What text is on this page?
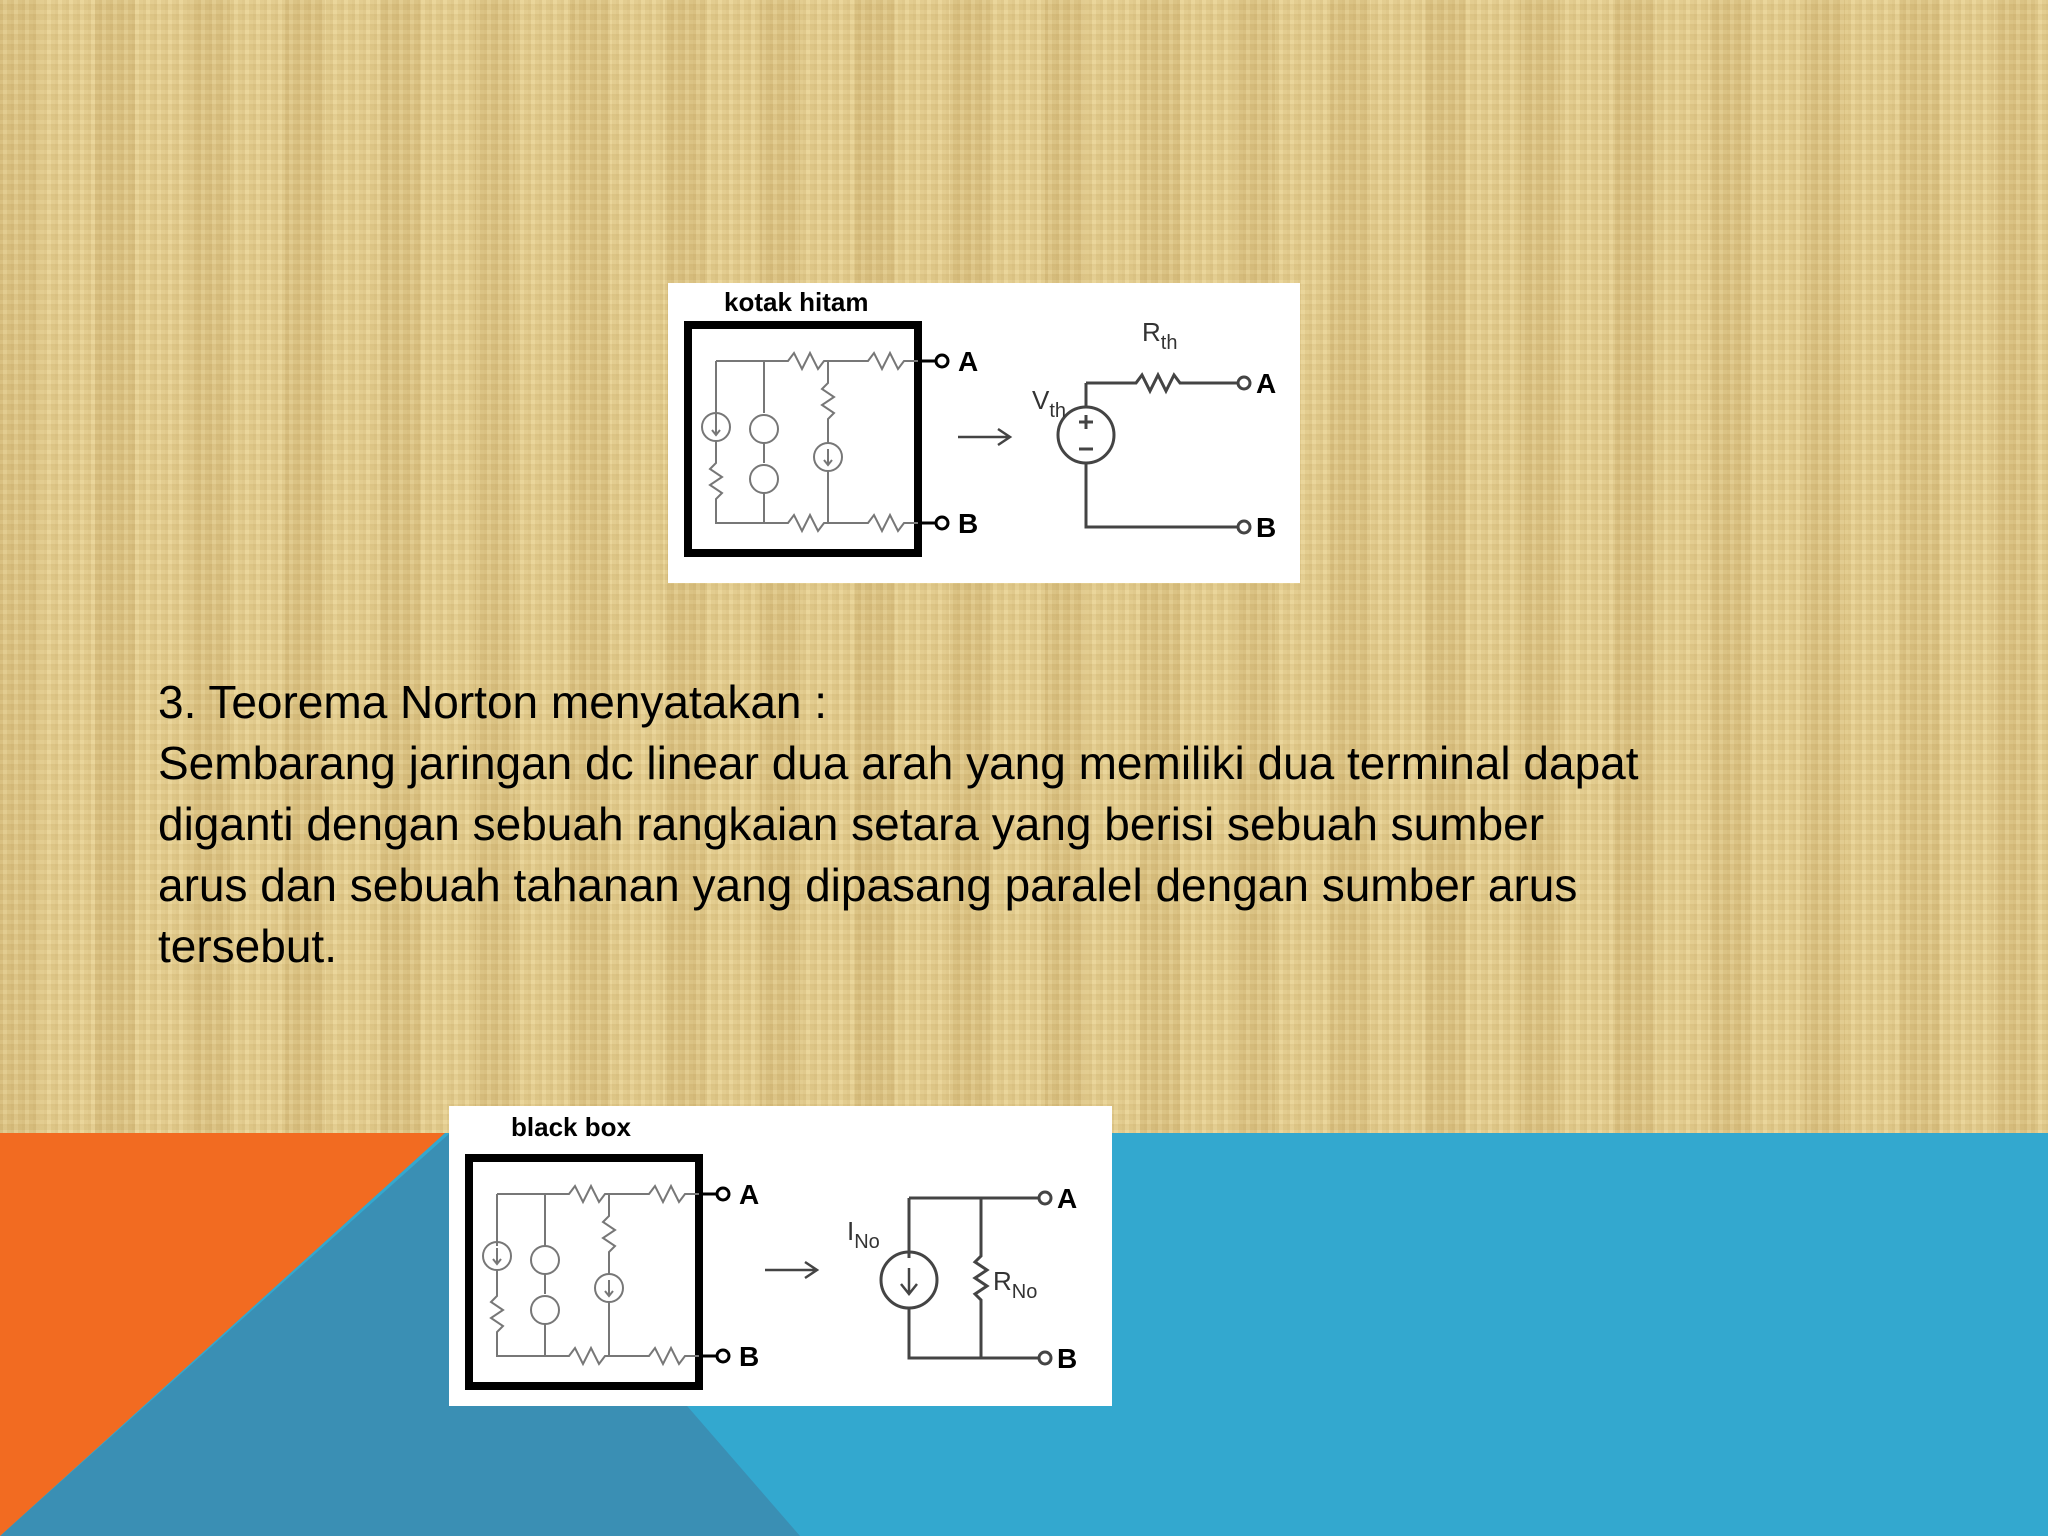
kotak hitam
A
B
A
B
$V_{th}$
$R_{th}$

3. Teorema Norton menyatakan :

Sembarang jaringan dc linear dua arah yang memiliki dua terminal dapat
diganti dengan sebuah rangkaian setara yang berisi sebuah sumber
arus dan sebuah tahanan yang dipasang paralel dengan sumber arus
tersebut.

black box
A
B
A
B
$I_{No}$
$R_{No}$
